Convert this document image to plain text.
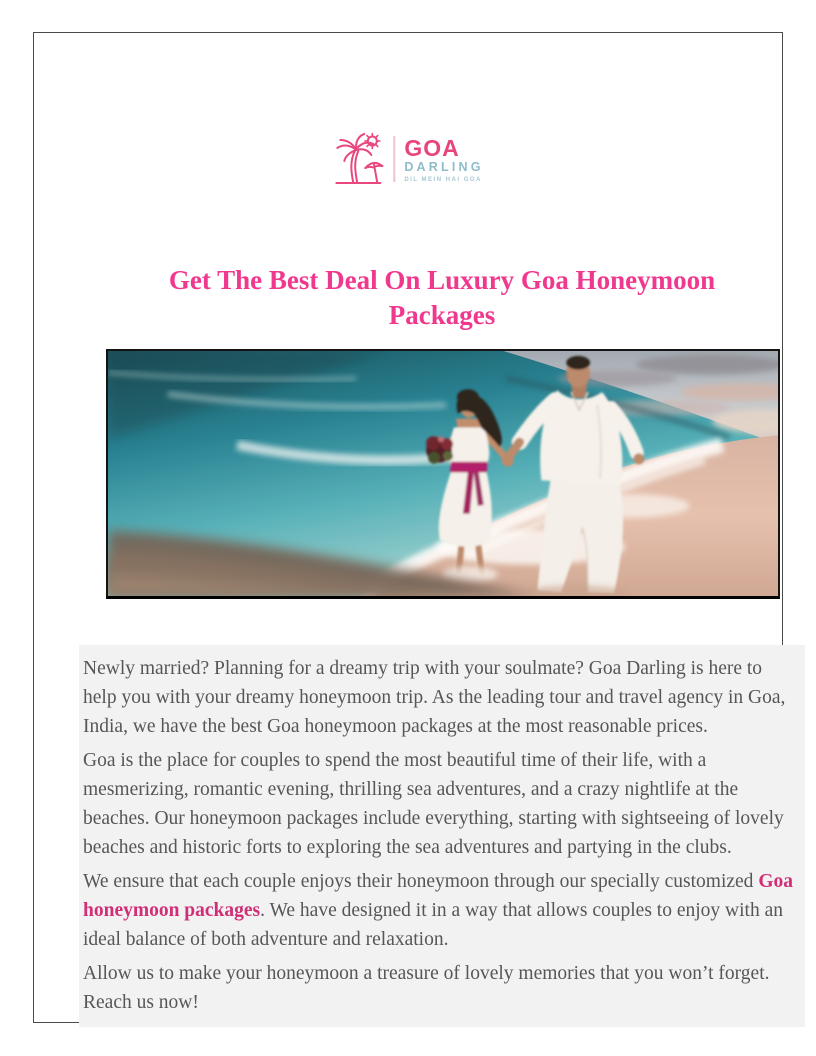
GOA
DARLING
DIL MEIN HAI GOA
Get The Best Deal On Luxury Goa Honeymoon Packages

Newly married? Planning for a dreamy trip with your soulmate? Goa Darling is here to help you with your dreamy honeymoon trip. As the leading tour and travel agency in Goa, India, we have the best Goa honeymoon packages at the most reasonable prices.

Goa is the place for couples to spend the most beautiful time of their life, with a mesmerizing, romantic evening, thrilling sea adventures, and a crazy nightlife at the beaches. Our honeymoon packages include everything, starting with sightseeing of lovely beaches and historic forts to exploring the sea adventures and partying in the clubs.

We ensure that each couple enjoys their honeymoon through our specially customized Goa honeymoon packages. We have designed it in a way that allows couples to enjoy with an ideal balance of both adventure and relaxation.

Allow us to make your honeymoon a treasure of lovely memories that you won’t forget. Reach us now!
